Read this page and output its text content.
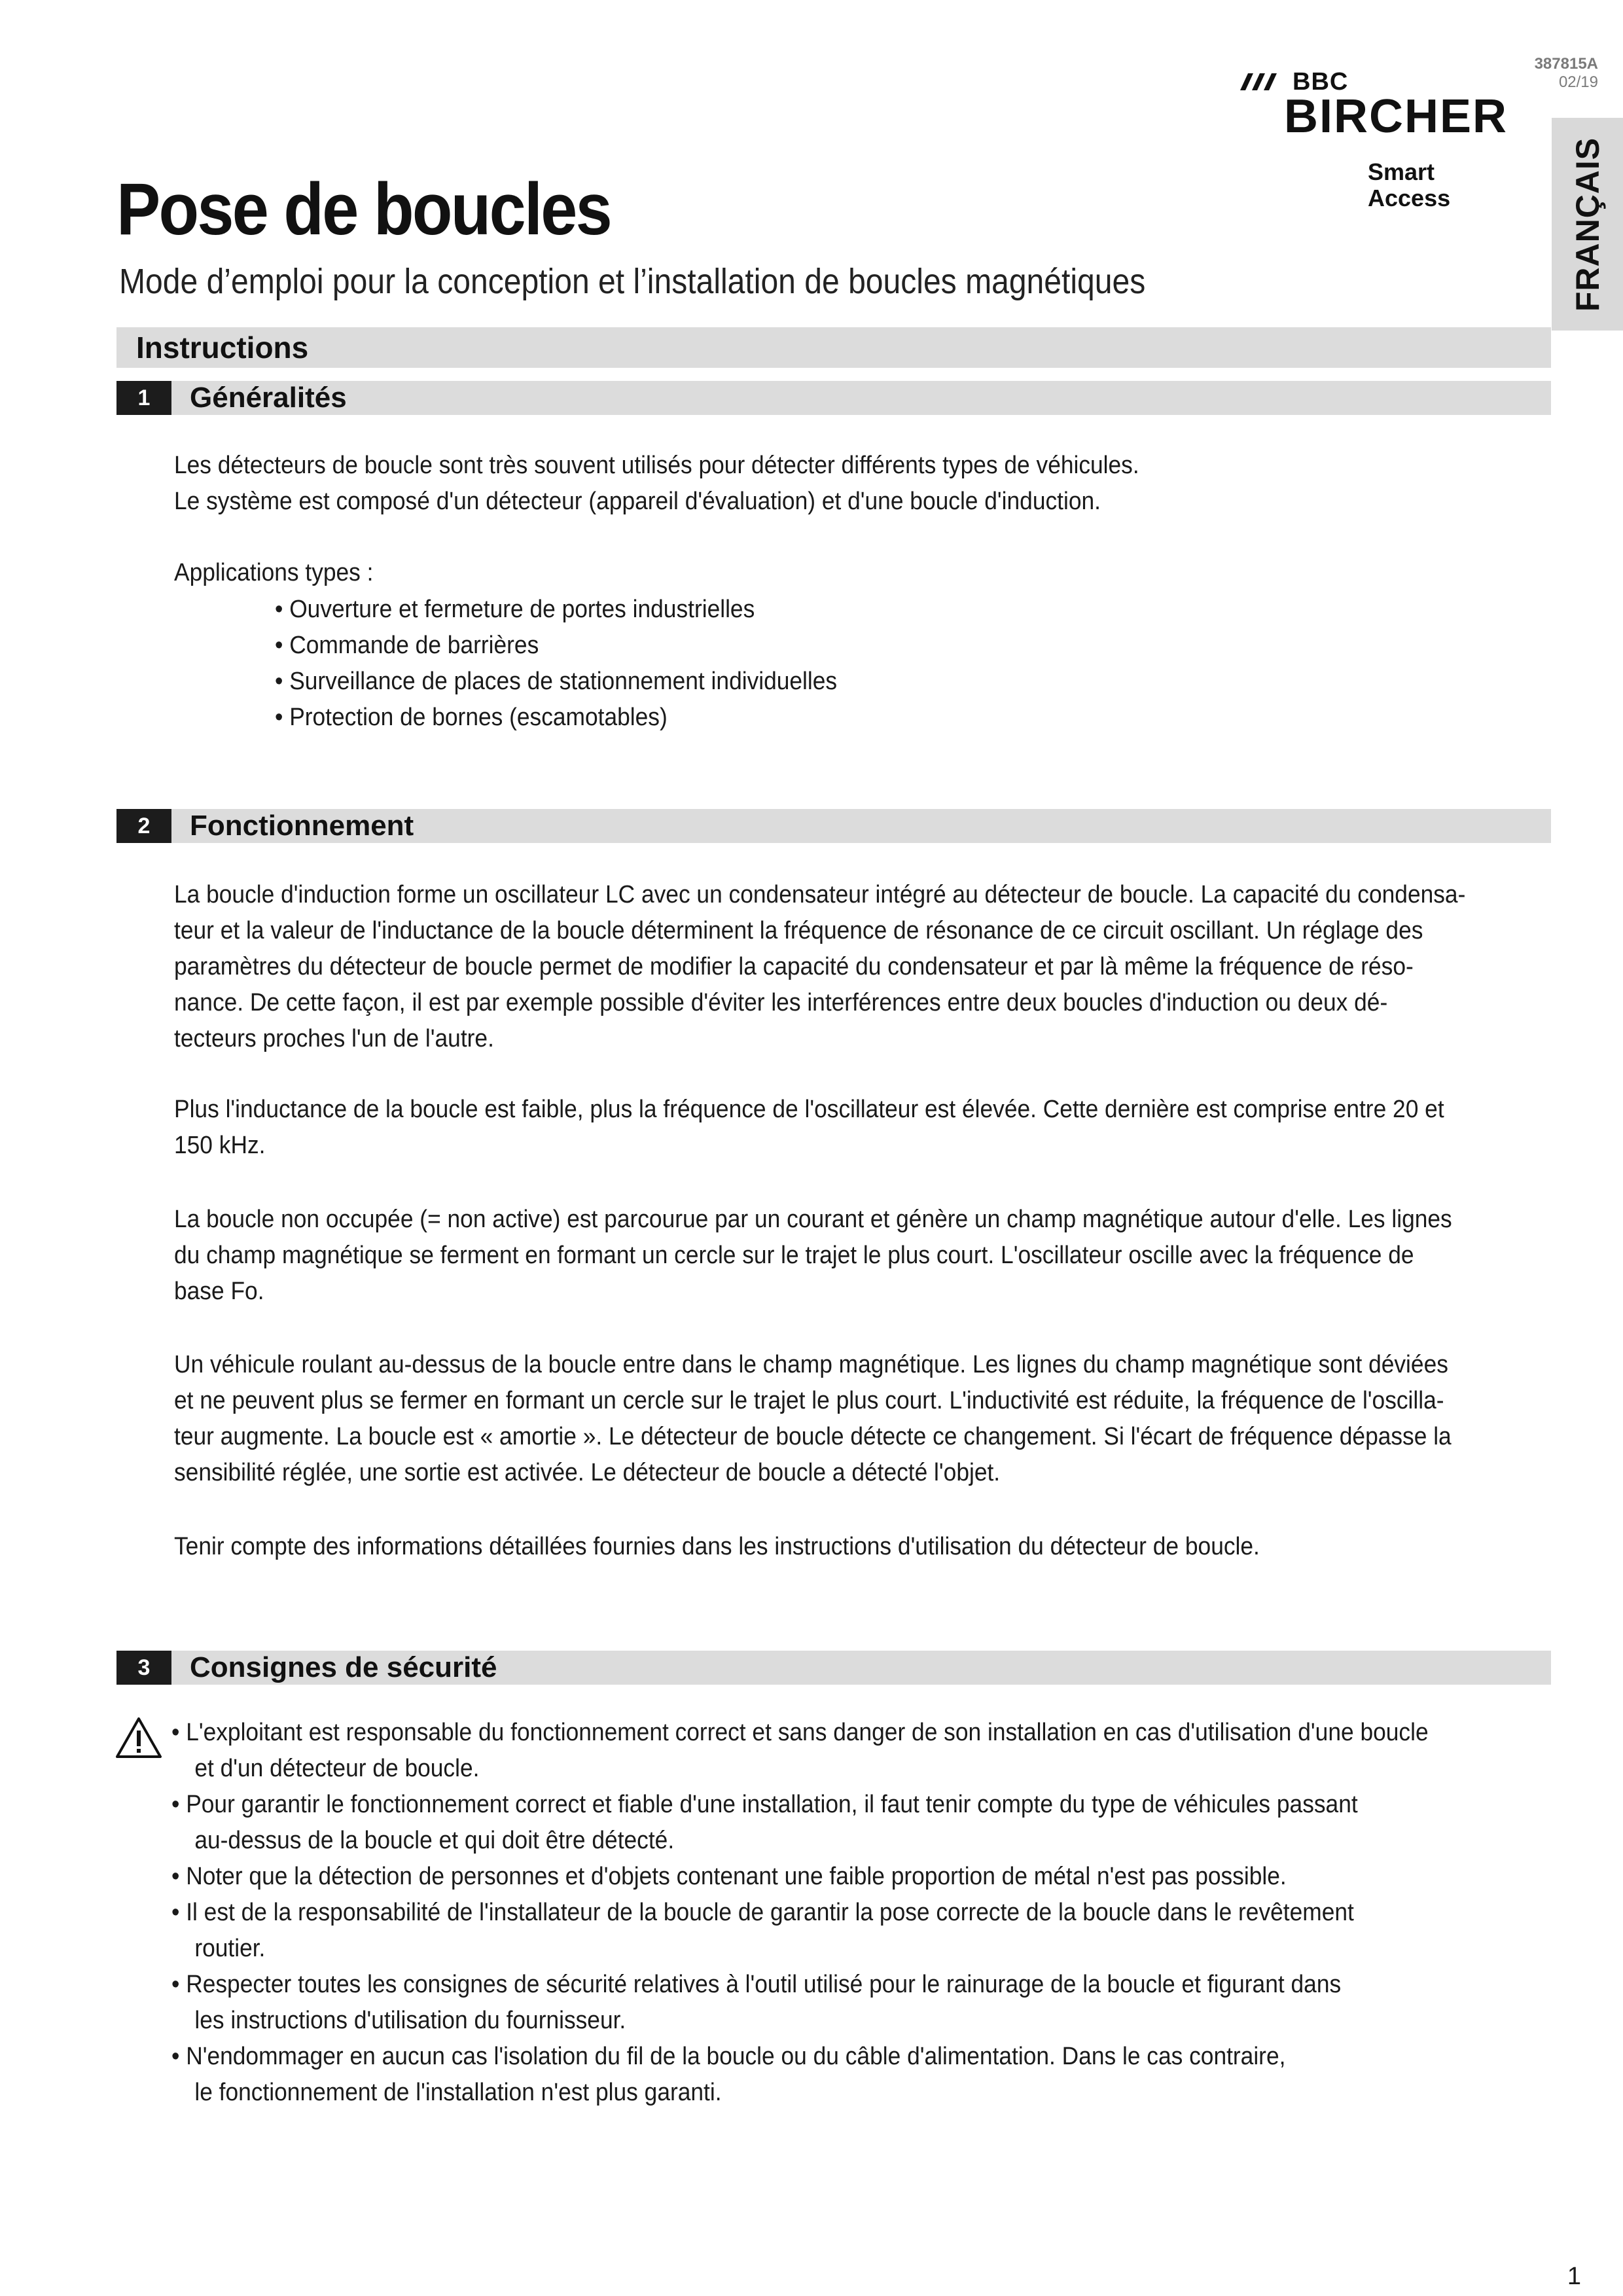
387815A
02/19
BBC
BIRCHER
Smart Access	FRANÇAIS
Pose de boucles
Mode d’emploi pour la conception et l’installation de boucles magnétiques
Instructions
1	Généralités

Les détecteurs de boucle sont très souvent utilisés pour détecter différents types de véhicules.

Le système est composé d'un détecteur (appareil d'évaluation) et d'une boucle d'induction.

Applications types :

• Ouverture et fermeture de portes industrielles

• Commande de barrières

• Surveillance de places de stationnement individuelles

• Protection de bornes (escamotables)

2	Fonctionnement

La boucle d'induction forme un oscillateur LC avec un condensateur intégré au détecteur de boucle. La capacité du condensa-

teur et la valeur de l'inductance de la boucle déterminent la fréquence de résonance de ce circuit oscillant. Un réglage des

paramètres du détecteur de boucle permet de modifier la capacité du condensateur et par là même la fréquence de réso-

nance. De cette façon, il est par exemple possible d'éviter les interférences entre deux boucles d'induction ou deux dé-

tecteurs proches l'un de l'autre.

Plus l'inductance de la boucle est faible, plus la fréquence de l'oscillateur est élevée. Cette dernière est comprise entre 20 et

150 kHz.

La boucle non occupée (= non active) est parcourue par un courant et génère un champ magnétique autour d'elle. Les lignes

du champ magnétique se ferment en formant un cercle sur le trajet le plus court. L'oscillateur oscille avec la fréquence de

base Fo.

Un véhicule roulant au-dessus de la boucle entre dans le champ magnétique. Les lignes du champ magnétique sont déviées

et ne peuvent plus se fermer en formant un cercle sur le trajet le plus court. L'inductivité est réduite, la fréquence de l'oscilla-

teur augmente. La boucle est « amortie ». Le détecteur de boucle détecte ce changement. Si l'écart de fréquence dépasse la

sensibilité réglée, une sortie est activée. Le détecteur de boucle a détecté l'objet.

Tenir compte des informations détaillées fournies dans les instructions d'utilisation du détecteur de boucle.

3	Consignes de sécurité

• L'exploitant est responsable du fonctionnement correct et sans danger de son installation en cas d'utilisation d'une boucle

et d'un détecteur de boucle.

• Pour garantir le fonctionnement correct et fiable d'une installation, il faut tenir compte du type de véhicules passant

au-dessus de la boucle et qui doit être détecté.

• Noter que la détection de personnes et d'objets contenant une faible proportion de métal n'est pas possible.

• Il est de la responsabilité de l'installateur de la boucle de garantir la pose correcte de la boucle dans le revêtement

routier.

• Respecter toutes les consignes de sécurité relatives à l'outil utilisé pour le rainurage de la boucle et figurant dans

les instructions d'utilisation du fournisseur.

• N'endommager en aucun cas l'isolation du fil de la boucle ou du câble d'alimentation. Dans le cas contraire,

le fonctionnement de l'installation n'est plus garanti.

1
